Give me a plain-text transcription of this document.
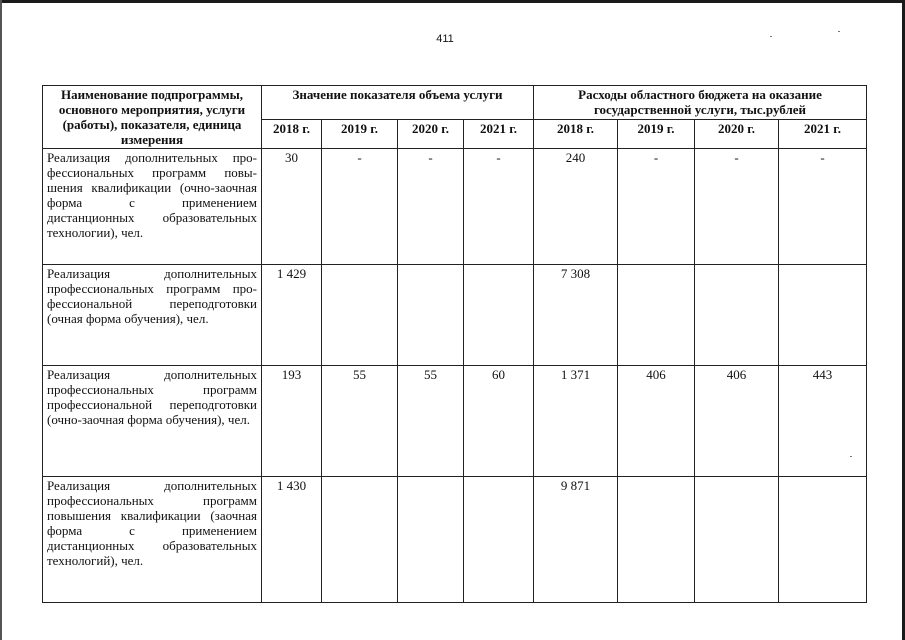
411
Наименование подпрограммы, основного мероприятия, услуги (работы), показателя, единица измерения	Значение показателя объема услуги				Расходы областного бюджета на оказание государственной услуги, тыс.рублей			
	2018 г.	2019 г.	2020 г.	2021 г.	2018 г.	2019 г.	2020 г.	2021 г.
Реализация дополнительных профессиональных программ повышения квалификации (очно-заочная форма с применением дистанционных образовательных технологии), чел.	30	-	-	-	240	-	-	-
Реализация дополнительных профессиональных программ профессиональной переподготовки (очная форма обучения), чел.	1 429				7 308			
Реализация дополнительных профессиональных программ профессиональной переподготовки (очно-заочная форма обучения), чел.	193	55	55	60	1 371	406	406	443
Реализация дополнительных профессиональных программ повышения квалификации (заочная форма с применением дистанционных образовательных технологий), чел.	1 430				9 871			
